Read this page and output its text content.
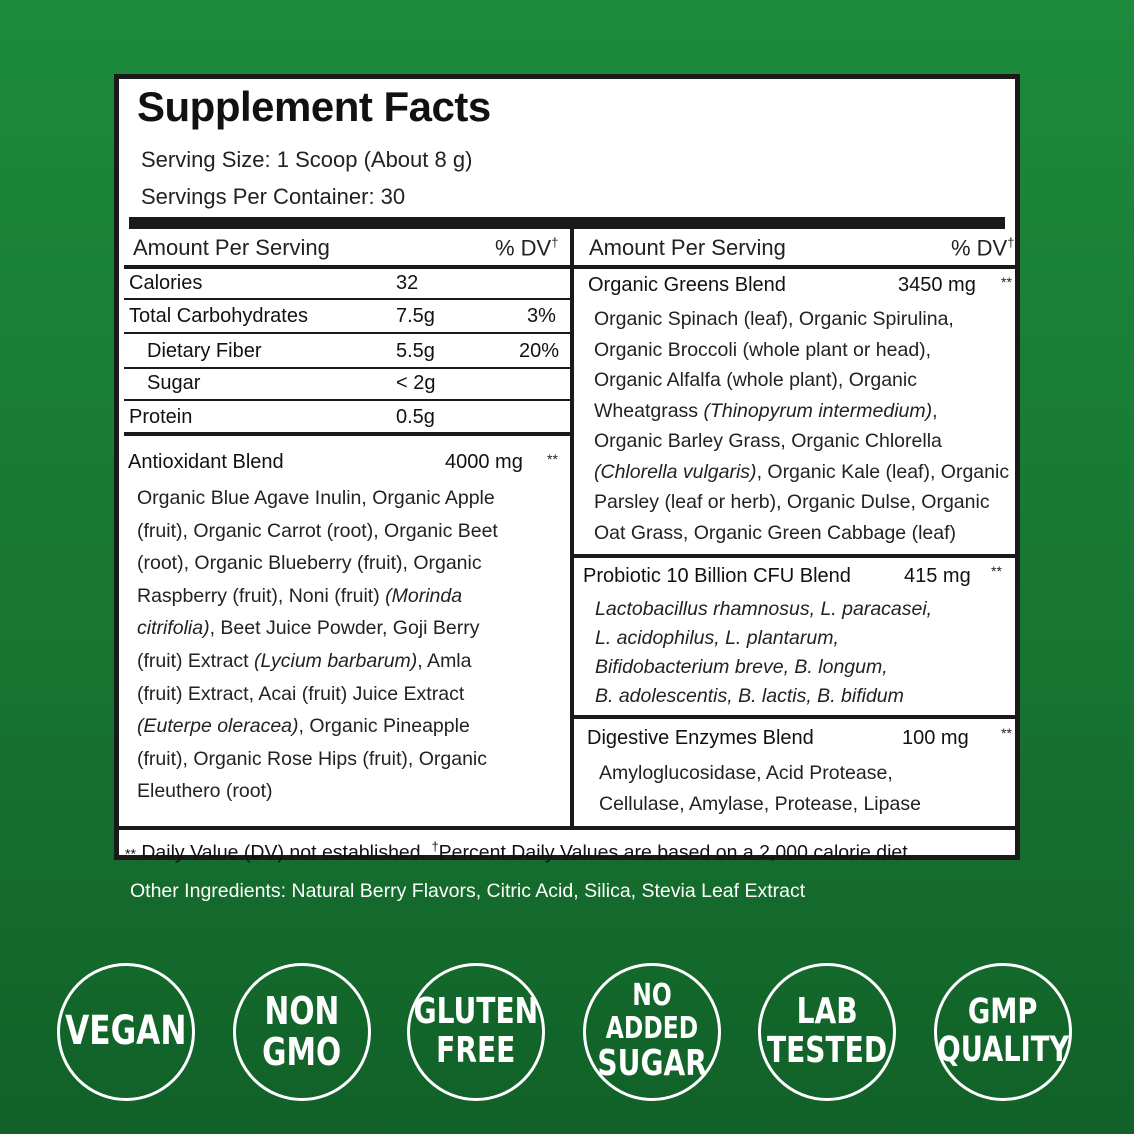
Supplement Facts
Serving Size: 1 Scoop (About 8 g)
Servings Per Container: 30
Amount Per Serving	% DV†
Calories	32
Total Carbohydrates	7.5g	3%
Dietary Fiber	5.5g	20%
Sugar	< 2g
Protein	0.5g
Antioxidant Blend	4000 mg **
Organic Blue Agave Inulin, Organic Apple
(fruit), Organic Carrot (root), Organic Beet
(root), Organic Blueberry (fruit), Organic
Raspberry (fruit), Noni (fruit) (Morinda
citrifolia), Beet Juice Powder, Goji Berry
(fruit) Extract (Lycium barbarum), Amla
(fruit) Extract, Acai (fruit) Juice Extract
(Euterpe oleracea), Organic Pineapple
(fruit), Organic Rose Hips (fruit), Organic
Eleuthero (root)
Amount Per Serving	% DV†
Organic Greens Blend	3450 mg **
Organic Spinach (leaf), Organic Spirulina,
Organic Broccoli (whole plant or head),
Organic Alfalfa (whole plant), Organic
Wheatgrass (Thinopyrum intermedium),
Organic Barley Grass, Organic Chlorella
(Chlorella vulgaris), Organic Kale (leaf), Organic
Parsley (leaf or herb), Organic Dulse, Organic
Oat Grass, Organic Green Cabbage (leaf)
Probiotic 10 Billion CFU Blend	415 mg **
Lactobacillus rhamnosus, L. paracasei,
L. acidophilus, L. plantarum,
Bifidobacterium breve, B. longum,
B. adolescentis, B. lactis, B. bifidum
Digestive Enzymes Blend	100 mg **
Amyloglucosidase, Acid Protease,
Cellulase, Amylase, Protease, Lipase
** Daily Value (DV) not established. †Percent Daily Values are based on a 2,000 calorie diet.
Other Ingredients: Natural Berry Flavors, Citric Acid, Silica, Stevia Leaf Extract
VEGAN NON
GMO
GLUTEN
FREE
NO ADDED
SUGAR
LAB
TESTED
GMP
QUALITY
